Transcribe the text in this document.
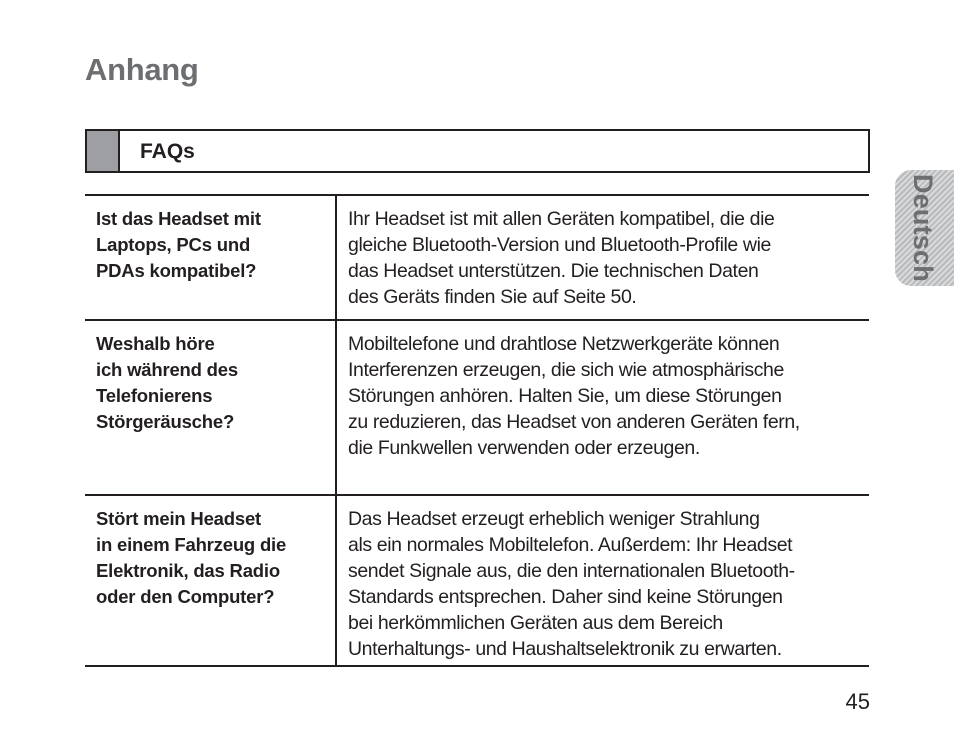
Anhang
FAQs
Ist das Headset mit
Laptops, PCs und
PDAs kompatibel?
Ihr Headset ist mit allen Geräten kompatibel, die die
gleiche Bluetooth-Version und Bluetooth-Profile wie
das Headset unterstützen. Die technischen Daten
des Geräts finden Sie auf Seite 50.
Weshalb höre
ich während des
Telefonierens
Störgeräusche?
Mobiltelefone und drahtlose Netzwerkgeräte können
Interferenzen erzeugen, die sich wie atmosphärische
Störungen anhören. Halten Sie, um diese Störungen
zu reduzieren, das Headset von anderen Geräten fern,
die Funkwellen verwenden oder erzeugen.
Stört mein Headset
in einem Fahrzeug die
Elektronik, das Radio
oder den Computer?
Das Headset erzeugt erheblich weniger Strahlung
als ein normales Mobiltelefon. Außerdem: Ihr Headset
sendet Signale aus, die den internationalen Bluetooth-
Standards entsprechen. Daher sind keine Störungen
bei herkömmlichen Geräten aus dem Bereich
Unterhaltungs- und Haushaltselektronik zu erwarten.
Deutsch
45
